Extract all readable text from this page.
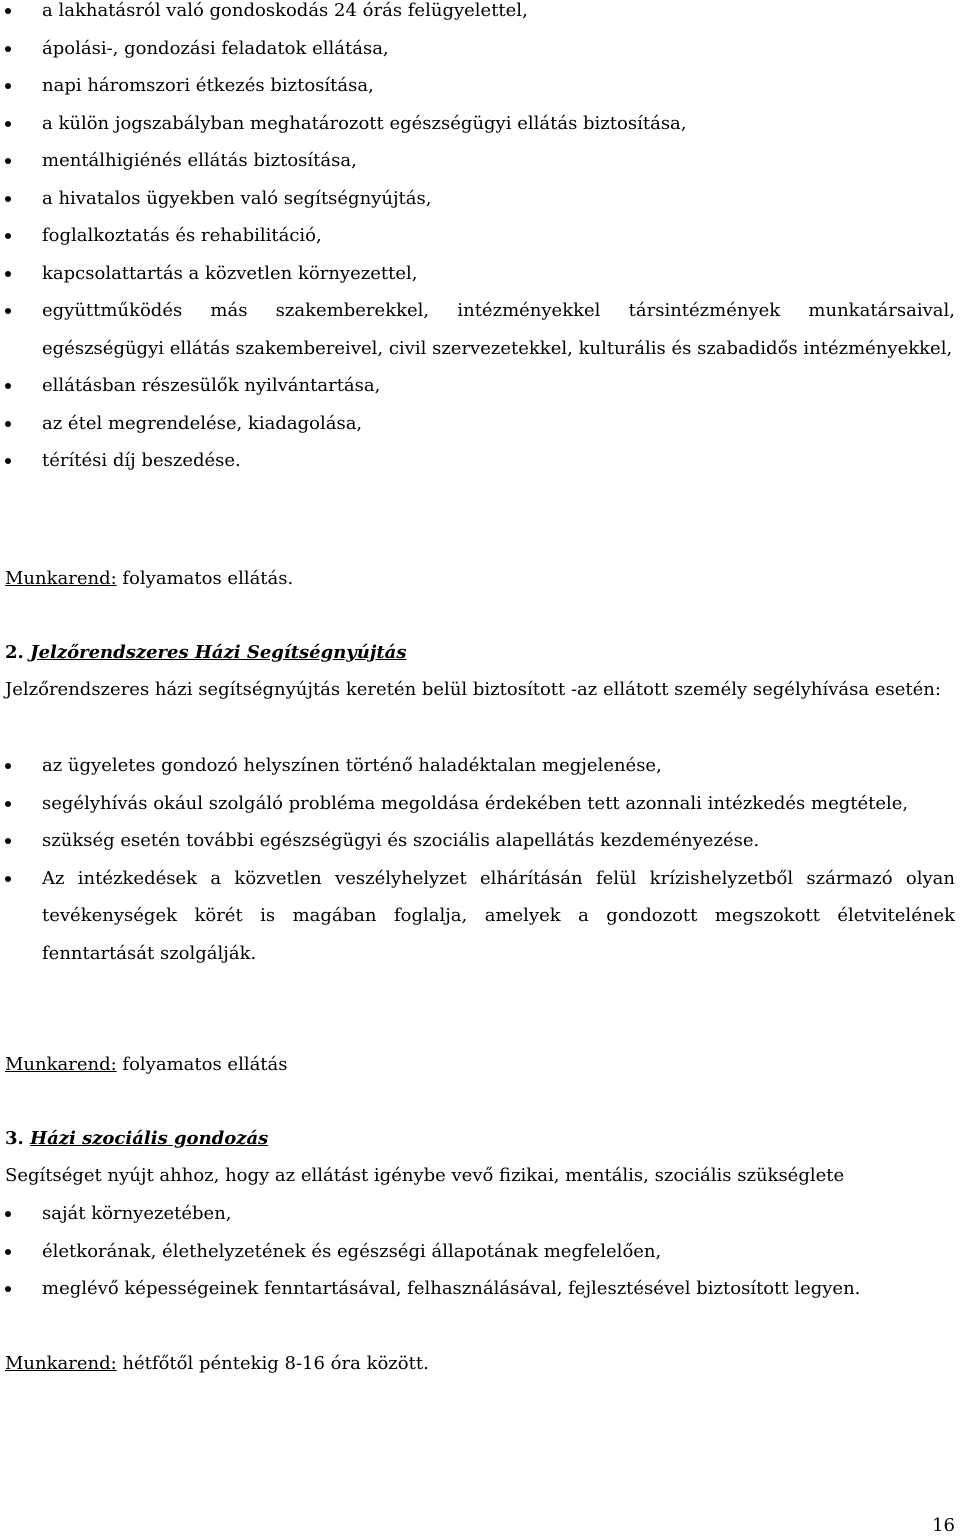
a lakhatásról való gondoskodás 24 órás felügyelettel,
ápolási-, gondozási feladatok ellátása,
napi háromszori étkezés biztosítása,
a külön jogszabályban meghatározott egészségügyi ellátás biztosítása,
mentálhigiénés ellátás biztosítása,
a hivatalos ügyekben való segítségnyújtás,
foglalkoztatás és rehabilitáció,
kapcsolattartás a közvetlen környezettel,
együttműködés más szakemberekkel, intézményekkel társintézmények munkatársaival, egészségügyi ellátás szakembereivel, civil szervezetekkel, kulturális és szabadidős intézményekkel,
ellátásban részesülők nyilvántartása,
az étel megrendelése, kiadagolása,
térítési díj beszedése.

Munkarend: folyamatos ellátás.

2. Jelzőrendszeres Házi Segítségnyújtás

Jelzőrendszeres házi segítségnyújtás keretén belül biztosított -az ellátott személy segélyhívása esetén:

az ügyeletes gondozó helyszínen történő haladéktalan megjelenése,
segélyhívás okául szolgáló probléma megoldása érdekében tett azonnali intézkedés megtétele,
szükség esetén további egészségügyi és szociális alapellátás kezdeményezése.
Az intézkedések a közvetlen veszélyhelyzet elhárításán felül krízishelyzetből származó olyan tevékenységek körét is magában foglalja, amelyek a gondozott megszokott életvitelének fenntartását szolgálják.

Munkarend: folyamatos ellátás

3. Házi szociális gondozás

Segítséget nyújt ahhoz, hogy az ellátást igénybe vevő fizikai, mentális, szociális szükséglete

saját környezetében,
életkorának, élethelyzetének és egészségi állapotának megfelelően,
meglévő képességeinek fenntartásával, felhasználásával, fejlesztésével biztosított legyen.

Munkarend: hétfőtől péntekig 8-16 óra között.

16
